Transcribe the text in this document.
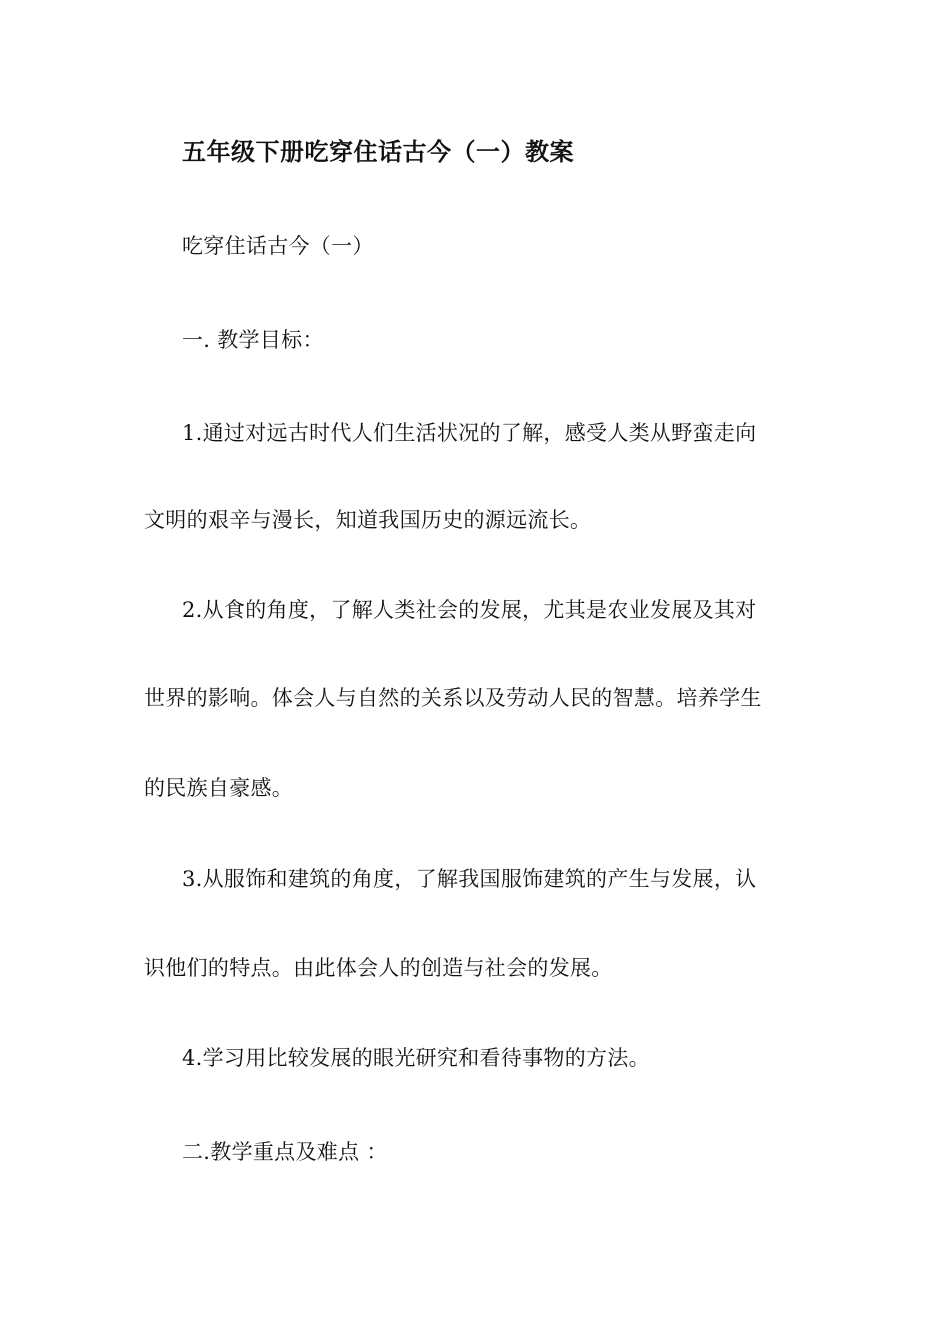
五年级下册吃穿住话古今（一）教案
吃穿住话古今（一）
一. 教学目标：
1.通过对远古时代人们生活状况的了解，感受人类从野蛮走向
文明的艰辛与漫长，知道我国历史的源远流长。
2.从食的角度，了解人类社会的发展，尤其是农业发展及其对
世界的影响。体会人与自然的关系以及劳动人民的智慧。培养学生
的民族自豪感。
3.从服饰和建筑的角度，了解我国服饰建筑的产生与发展，认
识他们的特点。由此体会人的创造与社会的发展。
4.学习用比较发展的眼光研究和看待事物的方法。
二.教学重点及难点 ：
